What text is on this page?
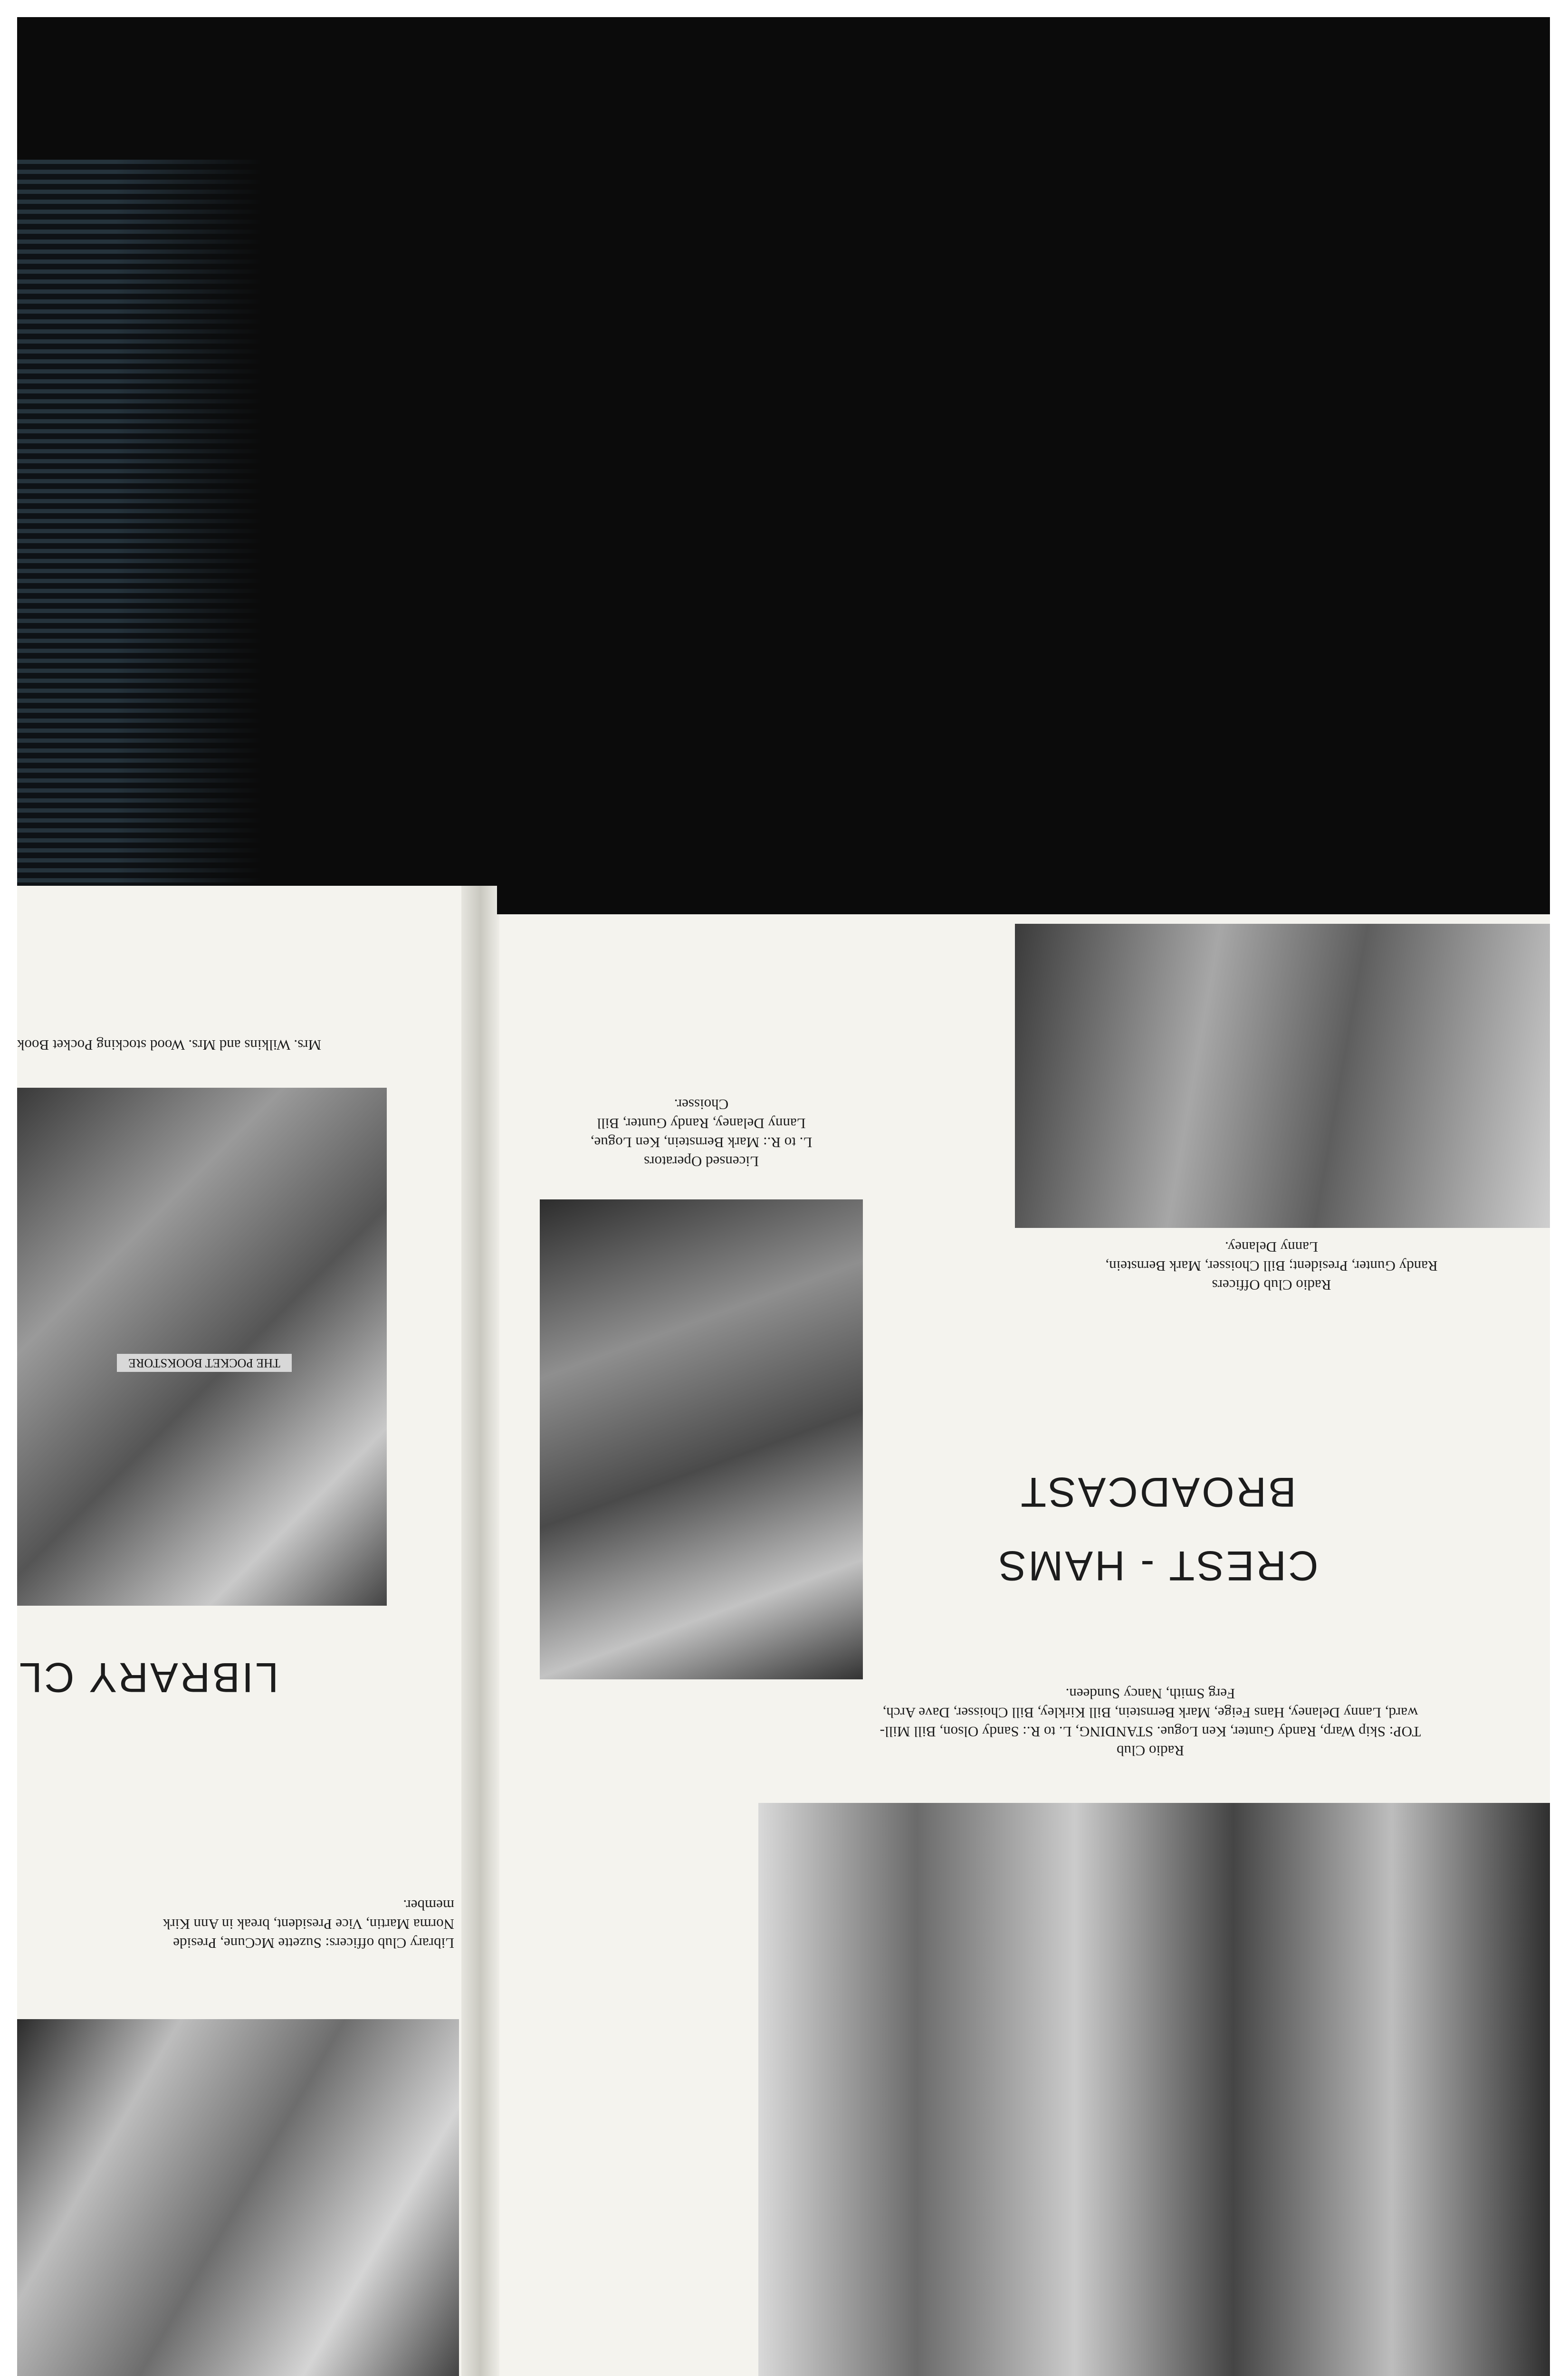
THE POCKET BOOKSTORE
Mrs. Wilkins and Mrs. Wood stocking Pocket Book
LIBRARY CL
Library Club officers: Suzette McCune, Preside
Norma Martin, Vice President, break in Ann Kirk
member.
Radio Club Officers
Randy Gunter, President; Bill Choisser, Mark Bernstein,
Lanny Delaney.
Licensed Operators
L. to R.: Mark Bernstein, Ken Logue,
Lanny Delaney, Randy Gunter, Bill
Choisser.
CREST - HAMS
BROADCAST
Radio Club
TOP: Skip Warp, Randy Gunter, Ken Logue. STANDING, L. to R.: Sandy Olson, Bill Mill-
ward, Lanny Delaney, Hans Feige, Mark Bernstein, Bill Kirkley, Bill Choisser, Dave Arch,
Ferg Smith, Nancy Sundeen.
